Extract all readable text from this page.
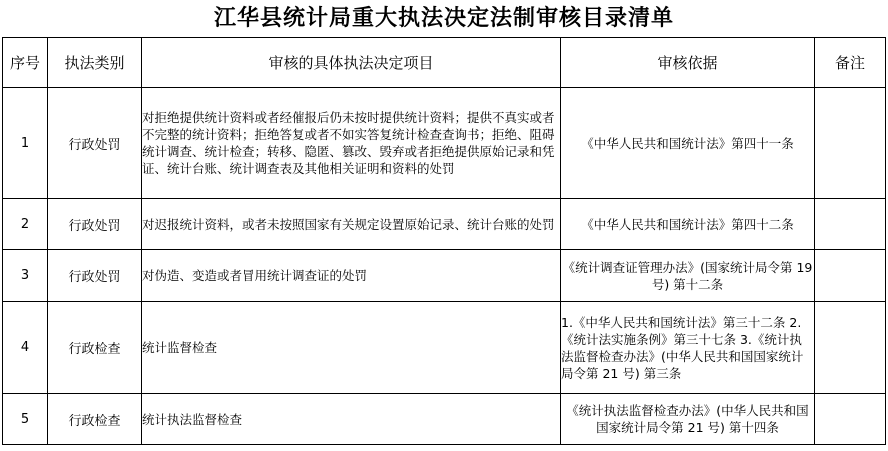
江华县统计局重大执法决定法制审核目录清单
序号	执法类别	审核的具体执法决定项目	审核依据	备注
1	行政处罚	对拒绝提供统计资料或者经催报后仍未按时提供统计资料；提供不真实或者不完整的统计资料；拒绝答复或者不如实答复统计检查查询书；拒绝、阻碍统计调查、统计检查；转移、隐匿、篡改、毁弃或者拒绝提供原始记录和凭证、统计台账、统计调查表及其他相关证明和资料的处罚	《中华人民共和国统计法》第四十一条	
2	行政处罚	对迟报统计资料，或者未按照国家有关规定设置原始记录、统计台账的处罚	《中华人民共和国统计法》第四十二条	
3	行政处罚	对伪造、变造或者冒用统计调查证的处罚	《统计调查证管理办法》(国家统计局令第 19 号) 第十二条	
4	行政检查	统计监督检查	1.《中华人民共和国统计法》第三十二条 2.《统计法实施条例》第三十七条 3.《统计执法监督检查办法》(中华人民共和国国家统计局令第 21 号) 第三条	
5	行政检查	统计执法监督检查	《统计执法监督检查办法》(中华人民共和国国家统计局令第 21 号) 第十四条	
